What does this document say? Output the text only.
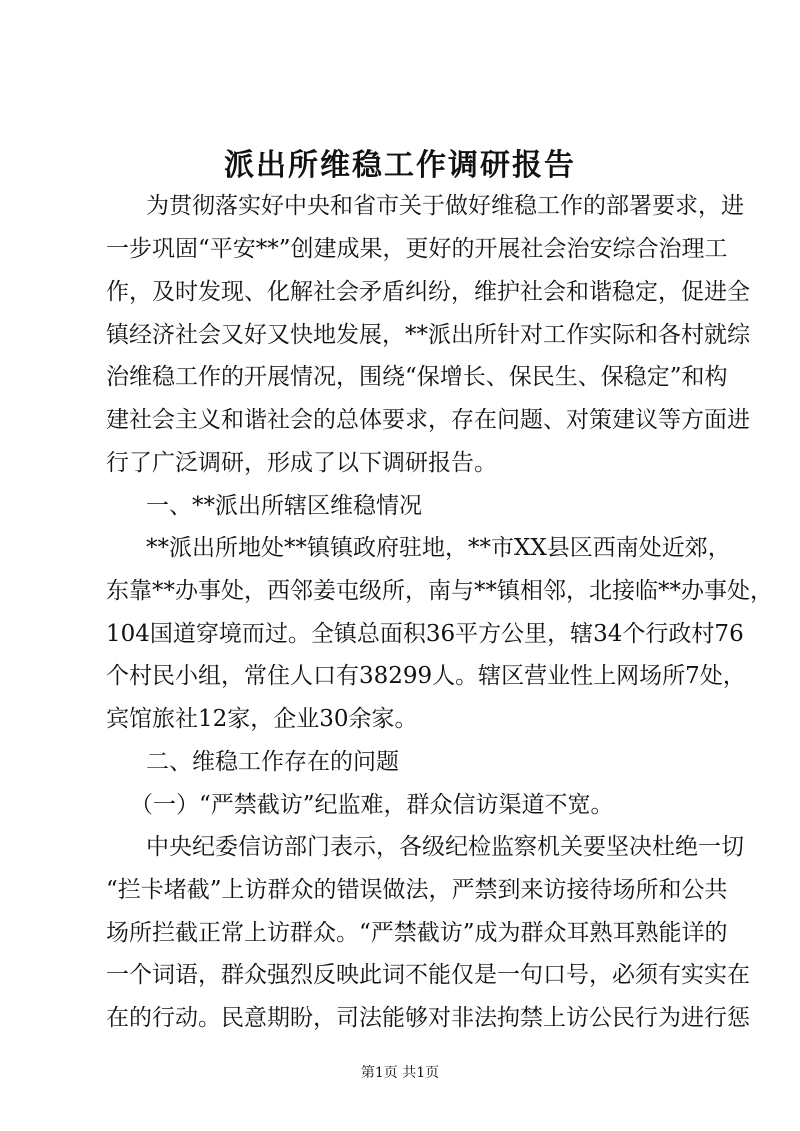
派出所维稳工作调研报告
为贯彻落实好中央和省市关于做好维稳工作的部署要求，进
一步巩固“平安**”创建成果，更好的开展社会治安综合治理工
作，及时发现、化解社会矛盾纠纷，维护社会和谐稳定，促进全
镇经济社会又好又快地发展，**派出所针对工作实际和各村就综
治维稳工作的开展情况，围绕“保增长、保民生、保稳定”和构
建社会主义和谐社会的总体要求，存在问题、对策建议等方面进
行了广泛调研，形成了以下调研报告。
一、**派出所辖区维稳情况
**派出所地处**镇镇政府驻地，**市XX县区西南处近郊，
东靠**办事处，西邻姜屯级所，南与**镇相邻，北接临**办事处，
104国道穿境而过。全镇总面积36平方公里，辖34个行政村76
个村民小组，常住人口有38299人。辖区营业性上网场所7处，
宾馆旅社12家，企业30余家。
二、维稳工作存在的问题
（一）“严禁截访”纪监难，群众信访渠道不宽。
中央纪委信访部门表示，各级纪检监察机关要坚决杜绝一切
“拦卡堵截”上访群众的错误做法，严禁到来访接待场所和公共
场所拦截正常上访群众。“严禁截访”成为群众耳熟耳熟能详的
一个词语，群众强烈反映此词不能仅是一句口号，必须有实实在
在的行动。民意期盼，司法能够对非法拘禁上访公民行为进行惩
第1页 共1页
